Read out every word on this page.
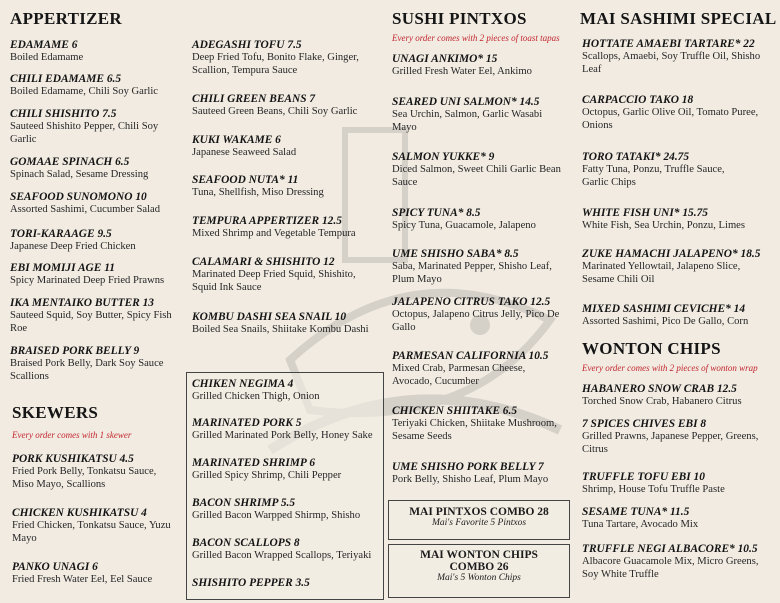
APPERTIZER
EDAMAME 6
Boiled Edamame
CHILI EDAMAME 6.5
Boiled Edamame, Chili Soy Garlic
CHILI SHISHITO 7.5
Sauteed Shishito Pepper, Chili Soy Garlic
GOMAAE SPINACH 6.5
Spinach Salad, Sesame Dressing
SEAFOOD SUNOMONO 10
Assorted Sashimi, Cucumber Salad
TORI-KARAAGE 9.5
Japanese Deep Fried Chicken
EBI MOMIJI AGE 11
Spicy Marinated Deep Fried Prawns
IKA MENTAIKO BUTTER 13
Sauteed Squid, Soy Butter, Spicy Fish Roe
BRAISED PORK BELLY 9
Braised Pork Belly, Dark Soy Sauce Scallions
SKEWERS
Every order comes with 1 skewer
PORK KUSHIKATSU 4.5
Fried Pork Belly, Tonkatsu Sauce, Miso Mayo, Scallions
CHICKEN KUSHIKATSU 4
Fried Chicken, Tonkatsu Sauce, Yuzu Mayo
PANKO UNAGI 6
Fried Fresh Water Eel, Eel Sauce
ADEGASHI TOFU 7.5
Deep Fried Tofu, Bonito Flake, Ginger, Scallion, Tempura Sauce
CHILI GREEN BEANS 7
Sauteed Green Beans, Chili Soy Garlic
KUKI WAKAME 6
Japanese Seaweed Salad
SEAFOOD NUTA* 11
Tuna, Shellfish, Miso Dressing
TEMPURA APPERTIZER 12.5
Mixed Shrimp and Vegetable Tempura
CALAMARI & SHISHITO 12
Marinated Deep Fried Squid, Shishito, Squid Ink Sauce
KOMBU DASHI SEA SNAIL 10
Boiled Sea Snails, Shiitake Kombu Dashi
CHIKEN NEGIMA 4
Grilled Chicken Thigh, Onion
MARINATED PORK 5
Grilled Marinated Pork Belly, Honey Sake
MARINATED SHRIMP 6
Grilled Spicy Shrimp, Chili Pepper
BACON SHRIMP 5.5
Grilled Bacon Warpped Shirmp, Shisho
BACON SCALLOPS 8
Grilled Bacon Wrapped Scallops, Teriyaki
SHISHITO PEPPER 3.5
SUSHI PINTXOS
Every order comes with 2 pieces of toast tapas
UNAGI ANKIMO* 15
Grilled Fresh Water Eel, Ankimo
SEARED UNI SALMON* 14.5
Sea Urchin, Salmon, Garlic Wasabi Mayo
SALMON YUKKE* 9
Diced Salmon, Sweet Chili Garlic Bean Sauce
SPICY TUNA* 8.5
Spicy Tuna, Guacamole, Jalapeno
UME SHISHO SABA* 8.5
Saba, Marinated Pepper, Shisho Leaf, Plum Mayo
JALAPENO CITRUS TAKO 12.5
Octopus, Jalapeno Citrus Jelly, Pico De Gallo
PARMESAN CALIFORNIA 10.5
Mixed Crab, Parmesan Cheese, Avocado, Cucumber
CHICKEN SHIITAKE 6.5
Teriyaki Chicken, Shiitake Mushroom, Sesame Seeds
UME SHISHO PORK BELLY 7
Pork Belly, Shisho Leaf, Plum Mayo
MAI PINTXOS COMBO 28
Mai's Favorite 5 Pintxos
MAI WONTON CHIPS
COMBO 26
Mai's 5 Wonton Chips
MAI SASHIMI SPECIAL
HOTTATE AMAEBI TARTARE* 22
Scallops, Amaebi, Soy Truffle Oil, Shisho Leaf
CARPACCIO TAKO 18
Octopus, Garlic Olive Oil, Tomato Puree, Onions
TORO TATAKI* 24.75
Fatty Tuna, Ponzu, Truffle Sauce, Garlic Chips
WHITE FISH UNI* 15.75
White Fish, Sea Urchin, Ponzu, Limes
ZUKE HAMACHI JALAPENO* 18.5
Marinated Yellowtail, Jalapeno Slice, Sesame Chili Oil
MIXED SASHIMI CEVICHE* 14
Assorted Sashimi, Pico De Gallo, Corn
WONTON CHIPS
Every order comes with 2 pieces of wonton wrap
HABANERO SNOW CRAB 12.5
Torched Snow Crab, Habanero Citrus
7 SPICES CHIVES EBI 8
Grilled Prawns, Japanese Pepper, Greens, Citrus
TRUFFLE TOFU EBI 10
Shrimp, House Tofu Truffle Paste
SESAME TUNA* 11.5
Tuna Tartare, Avocado Mix
TRUFFLE NEGI ALBACORE* 10.5
Albacore Guacamole Mix, Micro Greens, Soy White Truffle
